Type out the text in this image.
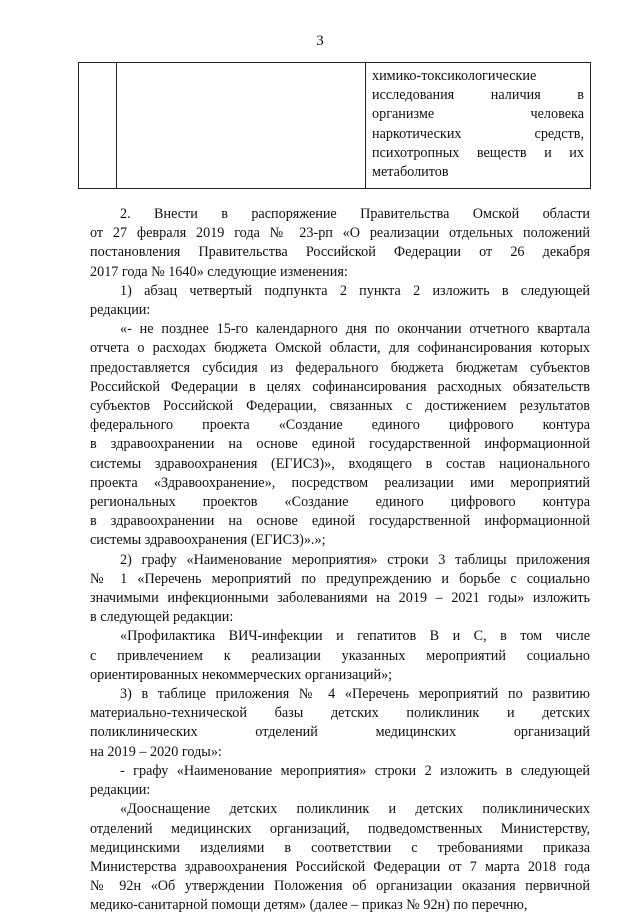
3

химико-токсикологические
исследования наличия в
организме человека
наркотических средств,
психотропных веществ и их
метаболитов
2. Внести в распоряжение Правительства Омской области
от 27 февраля 2019 года № 23-рп «О реализации отдельных положений
постановления Правительства Российской Федерации от 26 декабря
2017 года № 1640» следующие изменения:
1) абзац четвертый подпункта 2 пункта 2 изложить в следующей
редакции:
«- не позднее 15-го календарного дня по окончании отчетного квартала
отчета о расходах бюджета Омской области, для софинансирования которых
предоставляется субсидия из федерального бюджета бюджетам субъектов
Российской Федерации в целях софинансирования расходных обязательств
субъектов Российской Федерации, связанных с достижением результатов
федерального проекта «Создание единого цифрового контура
в здравоохранении на основе единой государственной информационной
системы здравоохранения (ЕГИСЗ)», входящего в состав национального
проекта «Здравоохранение», посредством реализации ими мероприятий
региональных проектов «Создание единого цифрового контура
в здравоохранении на основе единой государственной информационной
системы здравоохранения (ЕГИСЗ)».»;
2) графу «Наименование мероприятия» строки 3 таблицы приложения
№ 1 «Перечень мероприятий по предупреждению и борьбе с социально
значимыми инфекционными заболеваниями на 2019 – 2021 годы» изложить
в следующей редакции:
«Профилактика ВИЧ-инфекции и гепатитов В и С, в том числе
с привлечением к реализации указанных мероприятий социально
ориентированных некоммерческих организаций»;
3) в таблице приложения № 4 «Перечень мероприятий по развитию
материально-технической базы детских поликлиник и детских
поликлинических отделений медицинских организаций
на 2019 – 2020 годы»:
- графу «Наименование мероприятия» строки 2 изложить в следующей
редакции:
«Дооснащение детских поликлиник и детских поликлинических
отделений медицинских организаций, подведомственных Министерству,
медицинскими изделиями в соответствии с требованиями приказа
Министерства здравоохранения Российской Федерации от 7 марта 2018 года
№ 92н «Об утверждении Положения об организации оказания первичной
медико-санитарной помощи детям» (далее – приказ № 92н) по перечню,
